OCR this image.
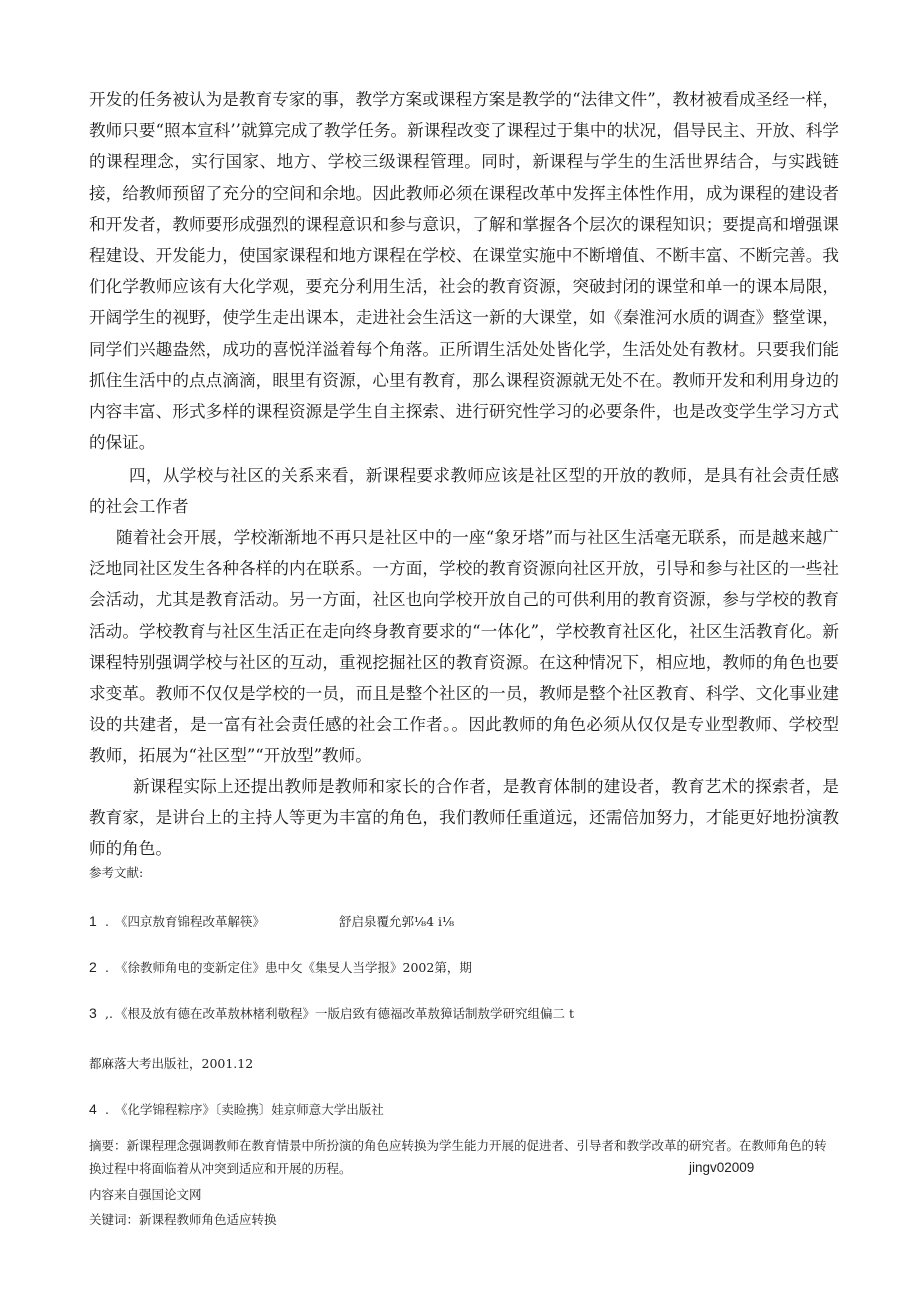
开发的任务被认为是教育专家的事，教学方案或课程方案是教学的“法律文件”，教材被看成圣经一样，教师只要“照本宣科’’就算完成了教学任务。新课程改变了课程过于集中的状况，倡导民主、开放、科学的课程理念，实行国家、地方、学校三级课程管理。同时，新课程与学生的生活世界结合，与实践链接，给教师预留了充分的空间和余地。因此教师必须在课程改革中发挥主体性作用，成为课程的建设者和开发者，教师要形成强烈的课程意识和参与意识，了解和掌握各个层次的课程知识；要提高和增强课程建设、开发能力，使国家课程和地方课程在学校、在课堂实施中不断增值、不断丰富、不断完善。我们化学教师应该有大化学观，要充分利用生活，社会的教育资源，突破封闭的课堂和单一的课本局限，开阔学生的视野，使学生走出课本，走进社会生活这一新的大课堂，如《秦淮河水质的调查》整堂课，同学们兴趣盎然，成功的喜悦洋溢着每个角落。正所谓生活处处皆化学，生活处处有教材。只要我们能抓住生活中的点点滴滴，眼里有资源，心里有教育，那么课程资源就无处不在。教师开发和利用身边的内容丰富、形式多样的课程资源是学生自主探索、进行研究性学习的必要条件，也是改变学生学习方式的保证。

四，从学校与社区的关系来看，新课程要求教师应该是社区型的开放的教师，是具有社会责任感的社会工作者

随着社会开展，学校渐渐地不再只是社区中的一座“象牙塔”而与社区生活毫无联系，而是越来越广泛地同社区发生各种各样的内在联系。一方面，学校的教育资源向社区开放，引导和参与社区的一些社会活动，尤其是教育活动。另一方面，社区也向学校开放自己的可供利用的教育资源，参与学校的教育活动。学校教育与社区生活正在走向终身教育要求的“一体化”，学校教育社区化，社区生活教育化。新课程特别强调学校与社区的互动，重视挖掘社区的教育资源。在这种情况下，相应地，教师的角色也要求变革。教师不仅仅是学校的一员，而且是整个社区的一员，教师是整个社区教育、科学、文化事业建设的共建者，是一富有社会责任感的社会工作者。。因此教师的角色必须从仅仅是专业型教师、学校型教师，拓展为“社区型”“开放型”教师。

新课程实际上还提出教师是教师和家长的合作者，是教育体制的建设者，教育艺术的探索者，是教育家，是讲台上的主持人等更为丰富的角色，我们教师任重道远，还需倍加努力，才能更好地扮演教师的角色。

参考文献:

1 . 《四京敖育锦程改革解筷》	舒启泉覆允郭⅛4 i⅛
2 . 《徐教师角电的变新定住》患中攵《集旻人当学报》2002第，期
3 ,. 《根及放有德在改革敖林楮利敬程》一版启致有德福改革敖獐话制敖学研究组偏二 t
都麻落大考出版社，2001.12
4 . 《化学锦程粽序》〔卖睑携〕娃京师意大学出版社

摘要：新课程理念强调教师在教育情景中所扮演的角色应转换为学生能力开展的促进者、引导者和教学改革的研究者。在教师角色的转换过程中将面临着从冲突到适应和开展的历程。	jingv02009

内容来自强国论文网

关键词：新课程教师角色适应转换
